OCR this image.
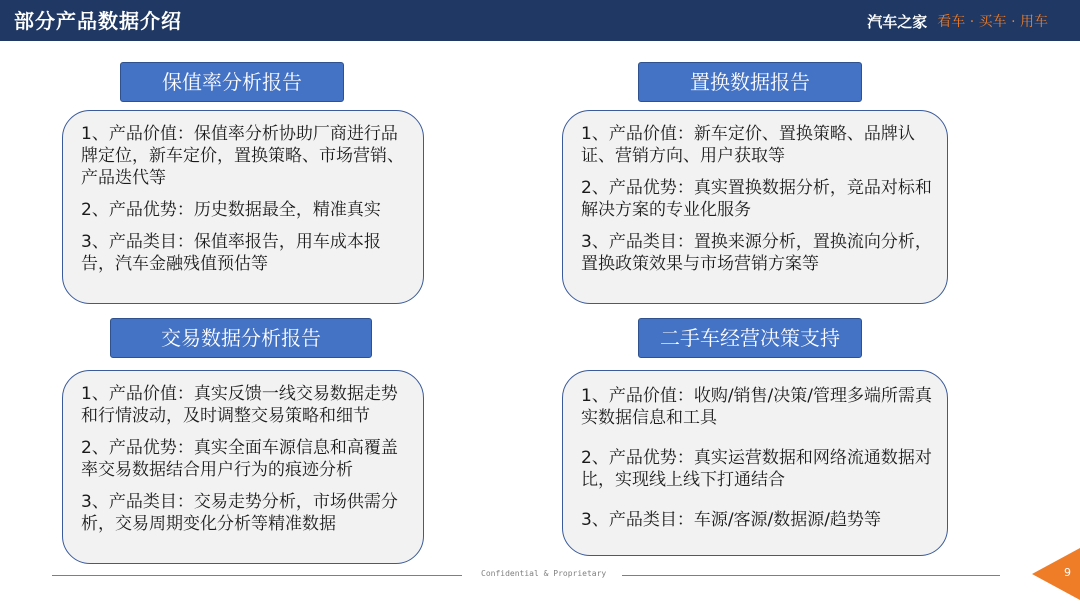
部分产品数据介绍	汽车之家 看车 · 买车 · 用车
保值率分析报告
1、产品价值：保值率分析协助厂商进行品牌定位，新车定价，置换策略、市场营销、产品迭代等
2、产品优势：历史数据最全，精准真实
3、产品类目：保值率报告，用车成本报告，汽车金融残值预估等
置换数据报告
1、产品价值：新车定价、置换策略、品牌认证、营销方向、用户获取等
2、产品优势：真实置换数据分析，竞品对标和解决方案的专业化服务
3、产品类目：置换来源分析，置换流向分析，置换政策效果与市场营销方案等
交易数据分析报告
1、产品价值：真实反馈一线交易数据走势和行情波动，及时调整交易策略和细节
2、产品优势：真实全面车源信息和高覆盖率交易数据结合用户行为的痕迹分析
3、产品类目：交易走势分析，市场供需分析，交易周期变化分析等精准数据
二手车经营决策支持
1、产品价值：收购/销售/决策/管理多端所需真实数据信息和工具
2、产品优势：真实运营数据和网络流通数据对比，实现线上线下打通结合
3、产品类目：车源/客源/数据源/趋势等
Confidential & Proprietary	9
